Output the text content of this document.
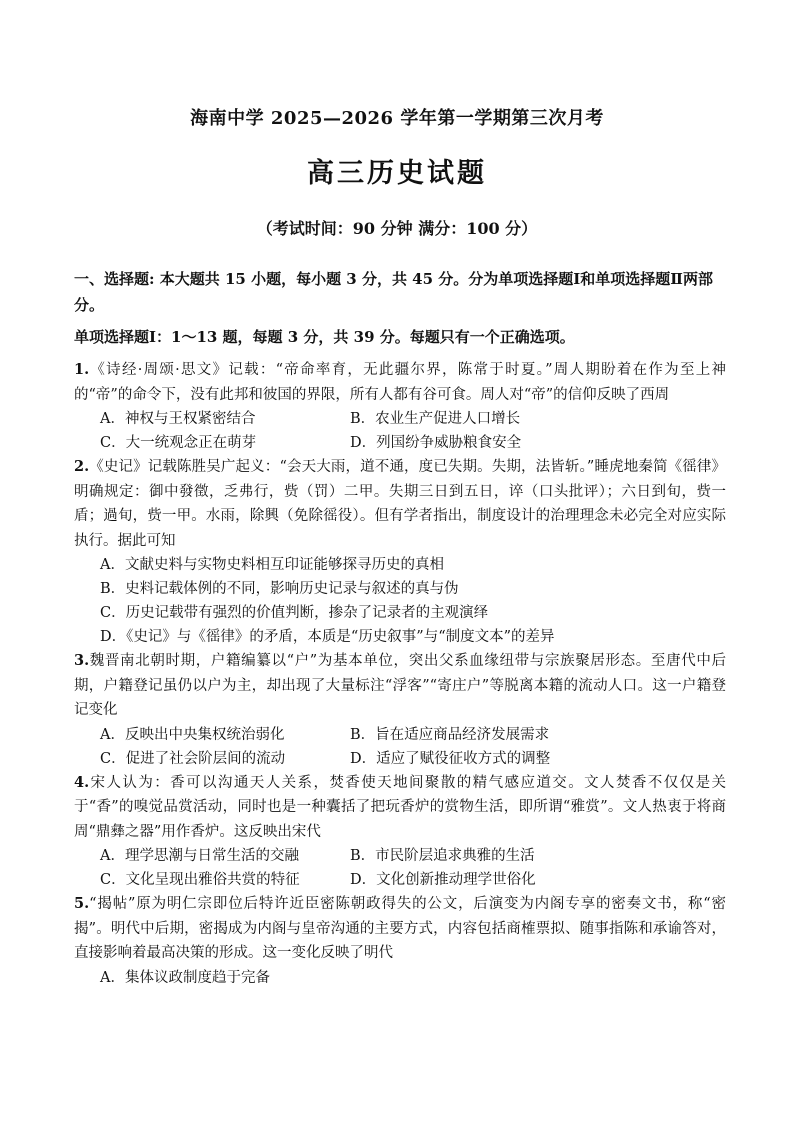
海南中学 2025—2026 学年第一学期第三次月考
高三历史试题
（考试时间：90 分钟 满分：100 分）
一、选择题: 本大题共 15 小题，每小题 3 分，共 45 分。分为单项选择题Ⅰ和单项选择题Ⅱ两部分。
单项选择题Ⅰ：1～13 题，每题 3 分，共 39 分。每题只有一个正确选项。
1.《诗经·周颂·思文》记载：“帝命率育，无此疆尔界，陈常于时夏。”周人期盼着在作为至上神的“帝”的命令下，没有此邦和彼国的界限，所有人都有谷可食。周人对“帝”的信仰反映了西周
A．神权与王权紧密结合	B．农业生产促进人口增长
C．大一统观念正在萌芽	D．列国纷争威胁粮食安全
2.《史记》记载陈胜吴广起义：“会天大雨，道不通，度已失期。失期，法皆斩。”睡虎地秦简《徭律》明确规定：御中發徵，乏弗行，赀（罚）二甲。失期三日到五日，谇（口头批评）；六日到旬，赀一盾；過旬，赀一甲。水雨，除興（免除徭役）。但有学者指出，制度设计的治理理念未必完全对应实际执行。据此可知
A．文献史料与实物史料相互印证能够探寻历史的真相
B．史料记载体例的不同，影响历史记录与叙述的真与伪
C．历史记载带有强烈的价值判断，掺杂了记录者的主观演绎
D．《史记》与《徭律》的矛盾，本质是“历史叙事”与“制度文本”的差异
3.魏晋南北朝时期，户籍编纂以“户”为基本单位，突出父系血缘纽带与宗族聚居形态。至唐代中后期，户籍登记虽仍以户为主，却出现了大量标注“浮客”“寄庄户”等脱离本籍的流动人口。这一户籍登记变化
A．反映出中央集权统治弱化	B．旨在适应商品经济发展需求
C．促进了社会阶层间的流动	D．适应了赋役征收方式的调整
4.宋人认为：香可以沟通天人关系，焚香使天地间聚散的精气感应道交。文人焚香不仅仅是关于“香”的嗅觉品赏活动，同时也是一种囊括了把玩香炉的赏物生活，即所谓“雅赏”。文人热衷于将商周“鼎彝之器”用作香炉。这反映出宋代
A．理学思潮与日常生活的交融	B．市民阶层追求典雅的生活
C．文化呈现出雅俗共赏的特征	D．文化创新推动理学世俗化
5.“揭帖”原为明仁宗即位后特许近臣密陈朝政得失的公文，后演变为内阁专享的密奏文书，称“密揭”。明代中后期，密揭成为内阁与皇帝沟通的主要方式，内容包括商榷票拟、随事指陈和承谕答对，直接影响着最高决策的形成。这一变化反映了明代
A．集体议政制度趋于完备
